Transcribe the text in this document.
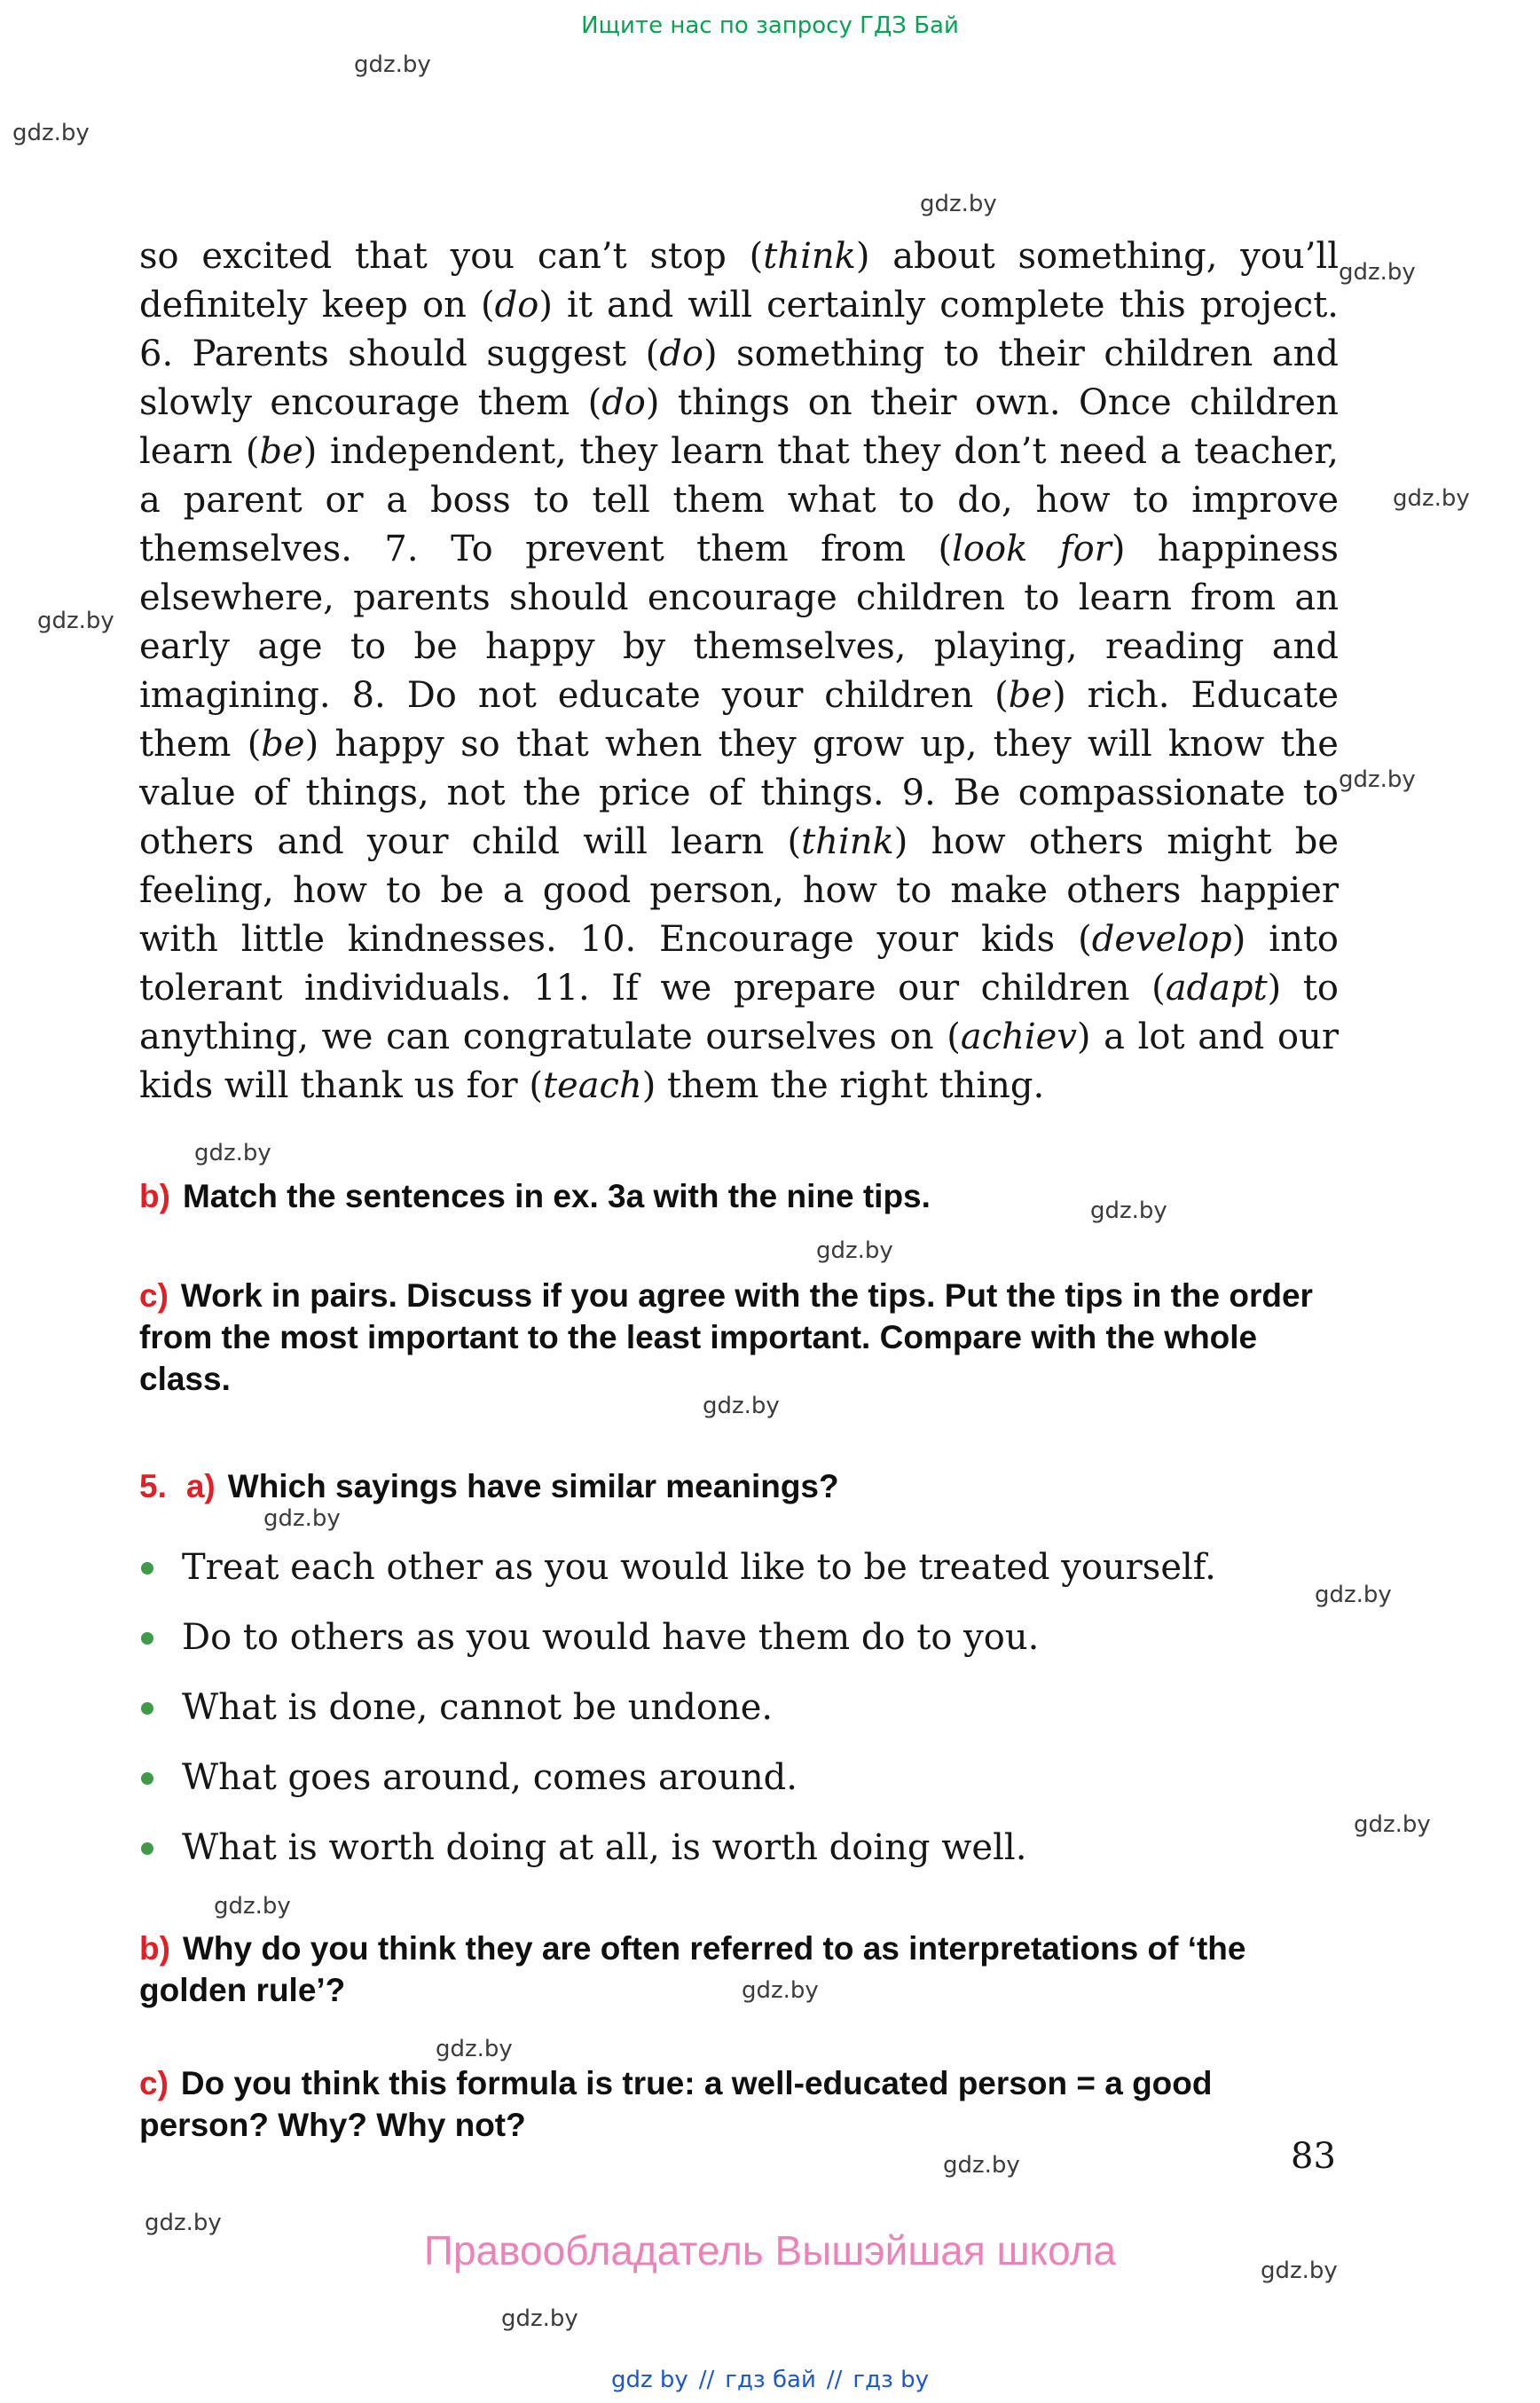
Ищите нас по запросу ГДЗ Бай
gdz.by
gdz.by
gdz.by
gdz.by
gdz.by
gdz.by
gdz.by
gdz.by
gdz.by
gdz.by
gdz.by
gdz.by
gdz.by
gdz.by
gdz.by
gdz.by
gdz.by
gdz.by
gdz.by
gdz.by
gdz.by

so excited that you can’t stop (think) about something, you’ll definitely keep on (do) it and will certainly complete this project. 6. Parents should suggest (do) something to their children and slowly encourage them (do) things on their own. Once children learn (be) independent, they learn that they don’t need a teacher, a parent or a boss to tell them what to do, how to improve themselves. 7. To prevent them from (look for) happiness elsewhere, parents should encourage children to learn from an early age to be happy by themselves, playing, reading and imagining. 8. Do not educate your children (be) rich. Educate them (be) happy so that when they grow up, they will know the value of things, not the price of things. 9. Be compassionate to others and your child will learn (think) how others might be feeling, how to be a good person, how to make others happier with little kindnesses. 10. Encourage your kids (develop) into tolerant individuals. 11. If we prepare our children (adapt) to anything, we can congratulate ourselves on (achiev) a lot and our kids will thank us for (teach) them the right thing.

b) Match the sentences in ex. 3a with the nine tips.

c) Work in pairs. Discuss if you agree with the tips. Put the tips in the order from the most important to the least important. Compare with the whole class.

5. a) Which sayings have similar meanings?

Treat each other as you would like to be treated yourself.
Do to others as you would have them do to you.
What is done, cannot be undone.
What goes around, comes around.
What is worth doing at all, is worth doing well.

b) Why do you think they are often referred to as interpretations of ‘the golden rule’?

c) Do you think this formula is true: a well-educated person = a good person? Why? Why not?

83
Правообладатель Вышэйшая школа
gdz by // гдз бай // гдз by
